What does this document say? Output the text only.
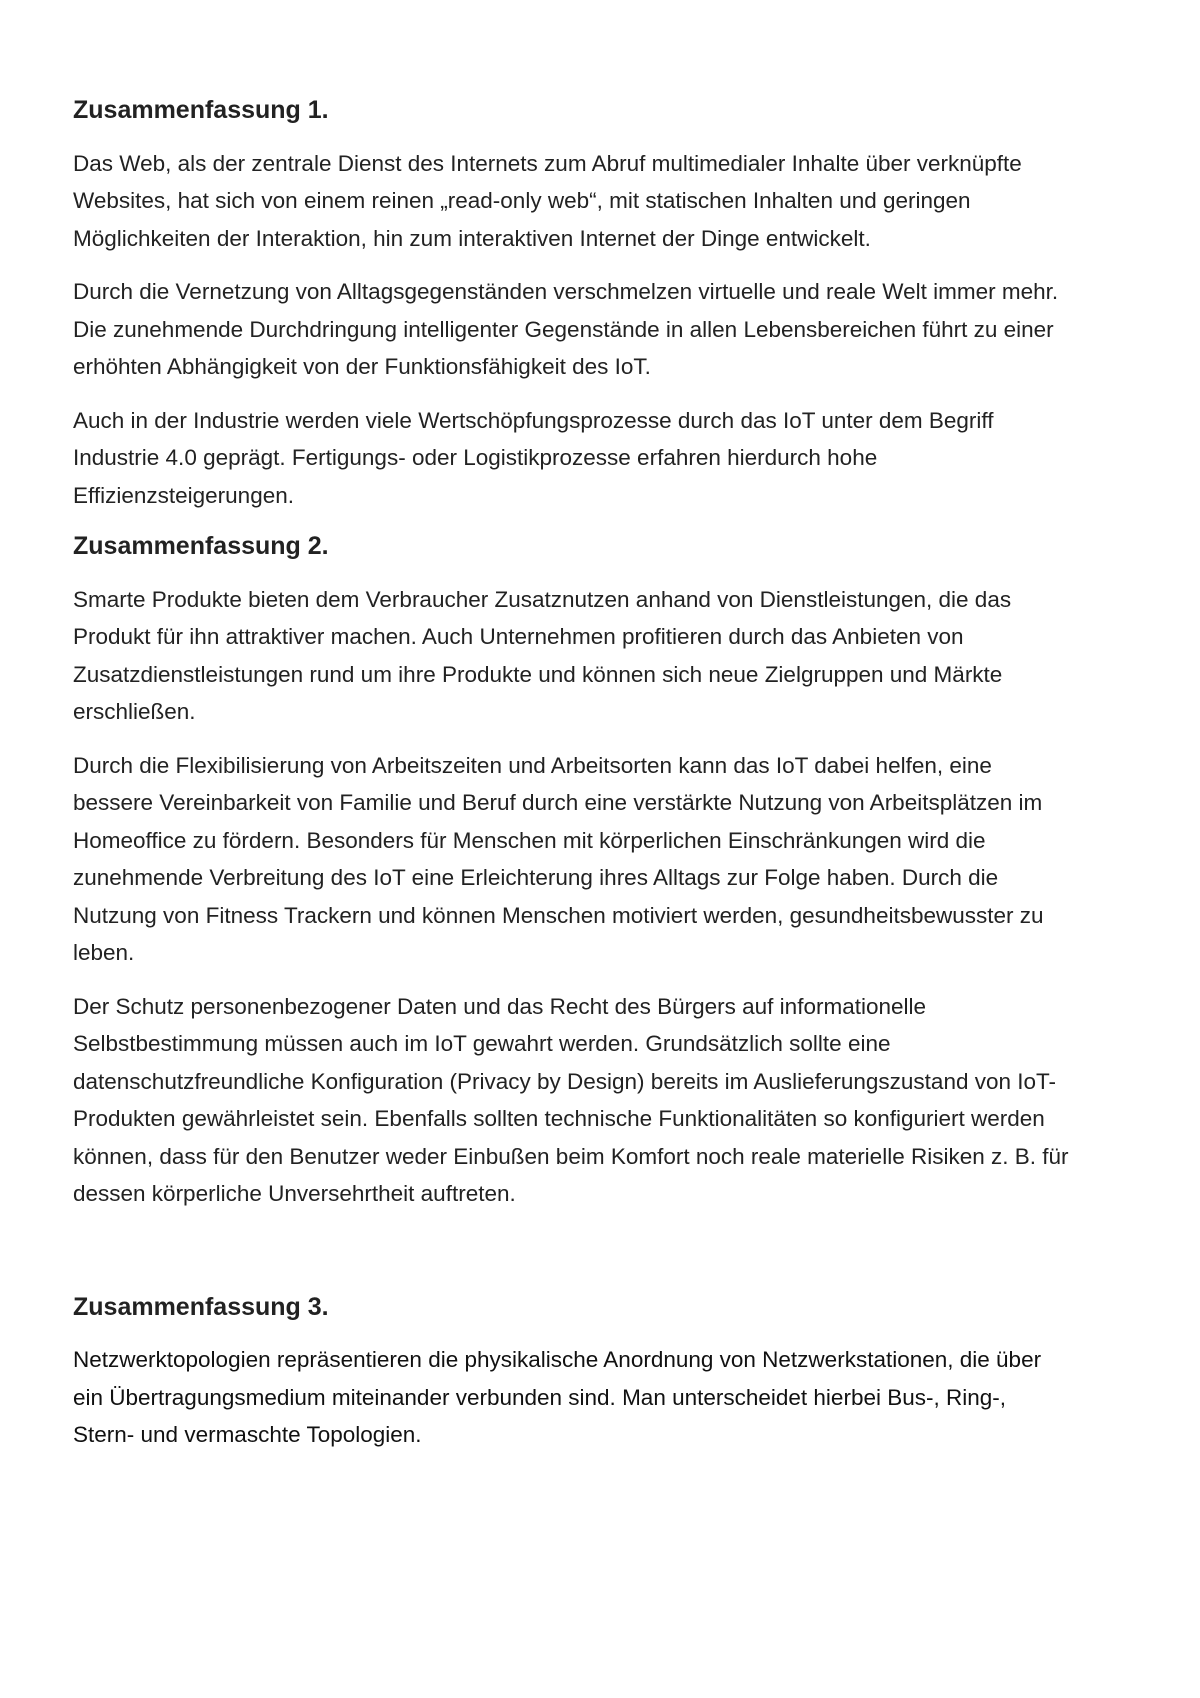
Zusammenfassung 1.

Das Web, als der zentrale Dienst des Internets zum Abruf multimedialer Inhalte über verknüpfte Websites, hat sich von einem reinen „read-only web“, mit statischen Inhalten und geringen Möglichkeiten der Interaktion, hin zum interaktiven Internet der Dinge entwickelt.

Durch die Vernetzung von Alltagsgegenständen verschmelzen virtuelle und reale Welt immer mehr. Die zunehmende Durchdringung intelligenter Gegenstände in allen Lebensbereichen führt zu einer erhöhten Abhängigkeit von der Funktionsfähigkeit des IoT.

Auch in der Industrie werden viele Wertschöpfungsprozesse durch das IoT unter dem Begriff Industrie 4.0 geprägt. Fertigungs- oder Logistikprozesse erfahren hierdurch hohe Effizienzsteigerungen.

Zusammenfassung 2.

Smarte Produkte bieten dem Verbraucher Zusatznutzen anhand von Dienstleistungen, die das Produkt für ihn attraktiver machen. Auch Unternehmen profitieren durch das Anbieten von Zusatzdienstleistungen rund um ihre Produkte und können sich neue Zielgruppen und Märkte erschließen.

Durch die Flexibilisierung von Arbeitszeiten und Arbeitsorten kann das IoT dabei helfen, eine bessere Vereinbarkeit von Familie und Beruf durch eine verstärkte Nutzung von Arbeitsplätzen im Homeoffice zu fördern. Besonders für Menschen mit körperlichen Einschränkungen wird die zunehmende Verbreitung des IoT eine Erleichterung ihres Alltags zur Folge haben. Durch die Nutzung von Fitness Trackern und können Menschen motiviert werden, gesundheitsbewusster zu leben.

Der Schutz personenbezogener Daten und das Recht des Bürgers auf informationelle Selbstbestimmung müssen auch im IoT gewahrt werden. Grundsätzlich sollte eine datenschutzfreundliche Konfiguration (Privacy by Design) bereits im Auslieferungszustand von IoT-Produkten gewährleistet sein. Ebenfalls sollten technische Funktionalitäten so konfiguriert werden können, dass für den Benutzer weder Einbußen beim Komfort noch reale materielle Risiken z. B. für dessen körperliche Unversehrtheit auftreten.

Zusammenfassung 3.

Netzwerktopologien repräsentieren die physikalische Anordnung von Netzwerkstationen, die über ein Übertragungsmedium miteinander verbunden sind. Man unterscheidet hierbei Bus-, Ring-, Stern- und vermaschte Topologien.
